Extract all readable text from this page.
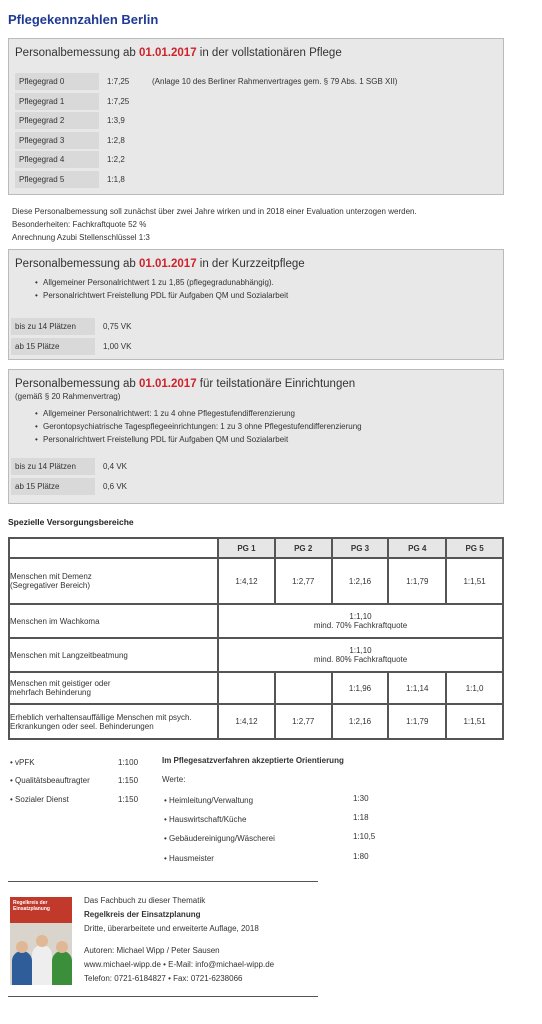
Pflegekennzahlen Berlin
Personalbemessung ab 01.01.2017 in der vollstationären Pflege
Pflegegrad 0	1:7,25	(Anlage 10 des Berliner Rahmenvertrages gem. § 79 Abs. 1 SGB XII)
Pflegegrad 1	1:7,25
Pflegegrad 2	1:3,9
Pflegegrad 3	1:2,8
Pflegegrad 4	1:2,2
Pflegegrad 5	1:1,8
Diese Personalbemessung soll zunächst über zwei Jahre wirken und in 2018 einer Evaluation unterzogen werden.
Besonderheiten: Fachkraftquote 52 %
Anrechnung Azubi Stellenschlüssel 1:3
Personalbemessung ab 01.01.2017 in der Kurzzeitpflege
• Allgemeiner Personalrichtwert 1 zu 1,85 (pflegegradunabhängig).
• Personalrichtwert Freistellung PDL für Aufgaben QM und Sozialarbeit
bis zu 14 Plätzen	0,75 VK
ab 15 Plätze	1,00 VK
Personalbemessung ab 01.01.2017 für teilstationäre Einrichtungen
(gemäß § 20 Rahmenvertrag)
• Allgemeiner Personalrichtwert: 1 zu 4 ohne Pflegestufendifferenzierung
• Gerontopsychiatrische Tagespflegeeinrichtungen: 1 zu 3 ohne Pflegestufendifferenzierung
• Personalrichtwert Freistellung PDL für Aufgaben QM und Sozialarbeit
bis zu 14 Plätzen	0,4 VK
ab 15 Plätze	0,6 VK
Spezielle Versorgungsbereiche
	PG 1	PG 2	PG 3	PG 4	PG 5

Menschen mit Demenz
(Segregativer Bereich)	1:4,12	1:2,77	1:2,16	1:1,79	1:1,51
Menschen im Wachkoma	1:1,10
mind. 70% Fachkraftquote				

Menschen mit Langzeitbeatmung	1:1,10
mind. 80% Fachkraftquote				

Menschen mit geistiger oder
mehrfach Behinderung			1:1,96	1:1,14	1:1,0

Erheblich verhaltensauffällige Menschen mit psych.
Erkrankungen oder seel. Behinderungen	1:4,12	1:2,77	1:2,16	1:1,79	1:1,51
• vPFK	1:100
• Qualitätsbeauftragter	1:150
• Sozialer Dienst	1:150
Im Pflegesatzverfahren akzeptierte Orientierung
Werte:
• Heimleitung/Verwaltung	1:30
• Hauswirtschaft/Küche	1:18
• Gebäudereinigung/Wäscherei	1:10,5
• Hausmeister	1:80
Regelkreis der Einsatzplanung
Das Fachbuch zu dieser Thematik
Regelkreis der Einsatzplanung
Dritte, überarbeitete und erweiterte Auflage, 2018
Autoren: Michael Wipp / Peter Sausen
www.michael-wipp.de • E-Mail: info@michael-wipp.de
Telefon: 0721-6184827 • Fax: 0721-6238066
